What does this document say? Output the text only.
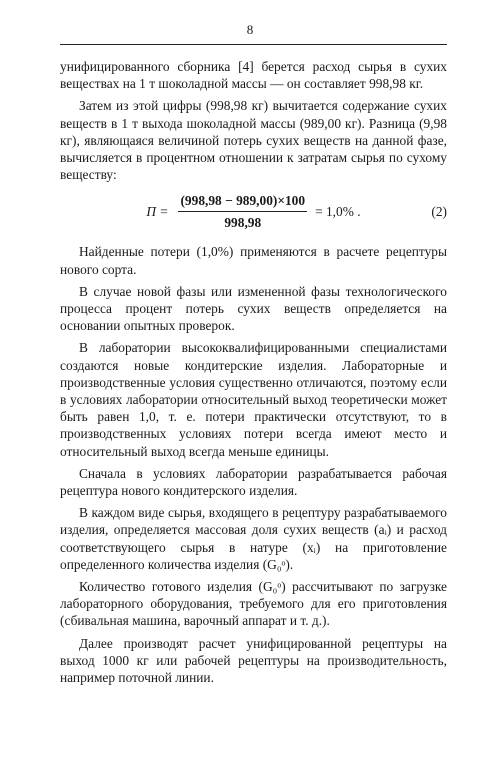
8

унифицированного сборника [4] берется расход сырья в сухих веществах на 1 т шоколадной массы — он составляет 998,98 кг.

Затем из этой цифры (998,98 кг) вычитается содержание сухих веществ в 1 т выхода шоколадной массы (989,00 кг). Разница (9,98 кг), являющаяся величиной потерь сухих веществ на данной фазе, вычисляется в процентном отношении к затратам сырья по сухому веществу:

$П = \frac{(998,98 - 989,00)\times 100}{998,98} = 1,0\%$ .	(2)

Найденные потери (1,0%) применяются в расчете рецептуры нового сорта.

В случае новой фазы или измененной фазы технологического процесса процент потерь сухих веществ определяется на основании опытных проверок.

В лаборатории высококвалифицированными специалистами создаются новые кондитерские изделия. Лабораторные и производственные условия существенно отличаются, поэтому если в условиях лаборатории относительный выход теоретически может быть равен 1,0, т. е. потери практически отсутствуют, то в производственных условиях потери всегда имеют место и относительный выход всегда меньше единицы.

Сначала в условиях лаборатории разрабатывается рабочая рецептура нового кондитерского изделия.

В каждом виде сырья, входящего в рецептуру разрабатываемого изделия, определяется массовая доля сухих веществ (aᵢ) и расход соответствующего сырья в натуре (xᵢ) на приготовление определенного количества изделия (G₀ᵒ).

Количество готового изделия (G₀ᵒ) рассчитывают по загрузке лабораторного оборудования, требуемого для его приготовления (сбивальная машина, варочный аппарат и т. д.).

Далее производят расчет унифицированной рецептуры на выход 1000 кг или рабочей рецептуры на производительность, например поточной линии.
